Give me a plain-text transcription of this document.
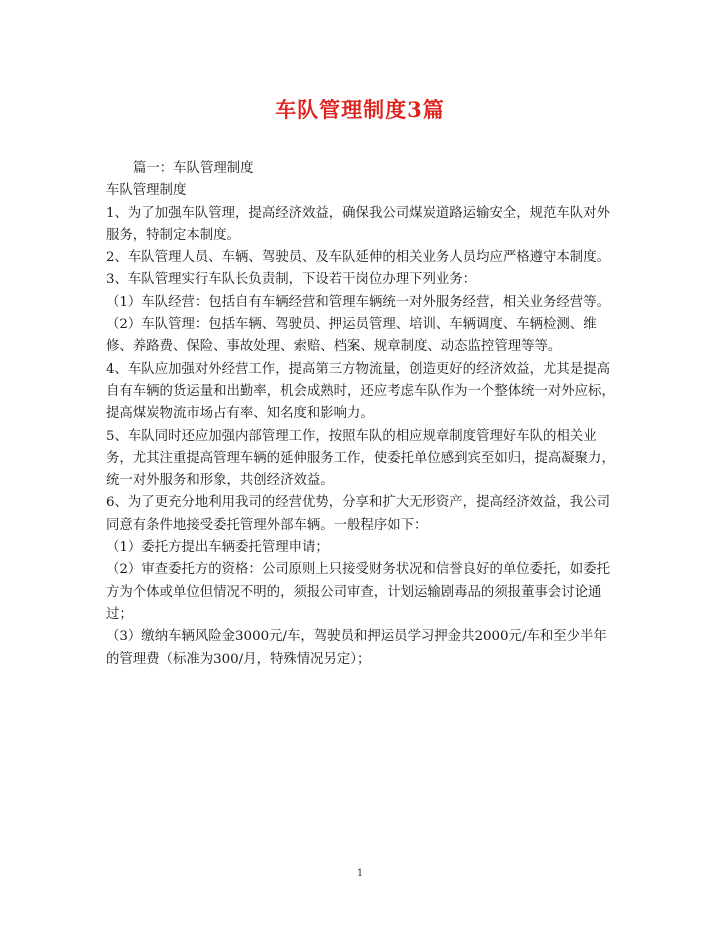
车队管理制度3篇

篇一：车队管理制度

车队管理制度

1、为了加强车队管理，提高经济效益，确保我公司煤炭道路运输安全，规范车队对外服务，特制定本制度。

2、车队管理人员、车辆、驾驶员、及车队延伸的相关业务人员均应严格遵守本制度。

3、车队管理实行车队长负责制，下设若干岗位办理下列业务：

（1）车队经营：包括自有车辆经营和管理车辆统一对外服务经营，相关业务经营等。

（2）车队管理：包括车辆、驾驶员、押运员管理、培训、车辆调度、车辆检测、维修、养路费、保险、事故处理、索赔、档案、规章制度、动态监控管理等等。

4、车队应加强对外经营工作，提高第三方物流量，创造更好的经济效益，尤其是提高自有车辆的货运量和出勤率，机会成熟时，还应考虑车队作为一个整体统一对外应标，提高煤炭物流市场占有率、知名度和影响力。

5、车队同时还应加强内部管理工作，按照车队的相应规章制度管理好车队的相关业务，尤其注重提高管理车辆的延伸服务工作，使委托单位感到宾至如归，提高凝聚力，统一对外服务和形象，共创经济效益。

6、为了更充分地利用我司的经营优势，分享和扩大无形资产，提高经济效益，我公司同意有条件地接受委托管理外部车辆。一般程序如下：

（1）委托方提出车辆委托管理申请；

（2）审查委托方的资格：公司原则上只接受财务状况和信誉良好的单位委托，如委托方为个体或单位但情况不明的，须报公司审查，计划运输剧毒品的须报董事会讨论通过；

（3）缴纳车辆风险金3000元/车，驾驶员和押运员学习押金共2000元/车和至少半年的管理费（标准为300/月，特殊情况另定）；

1
